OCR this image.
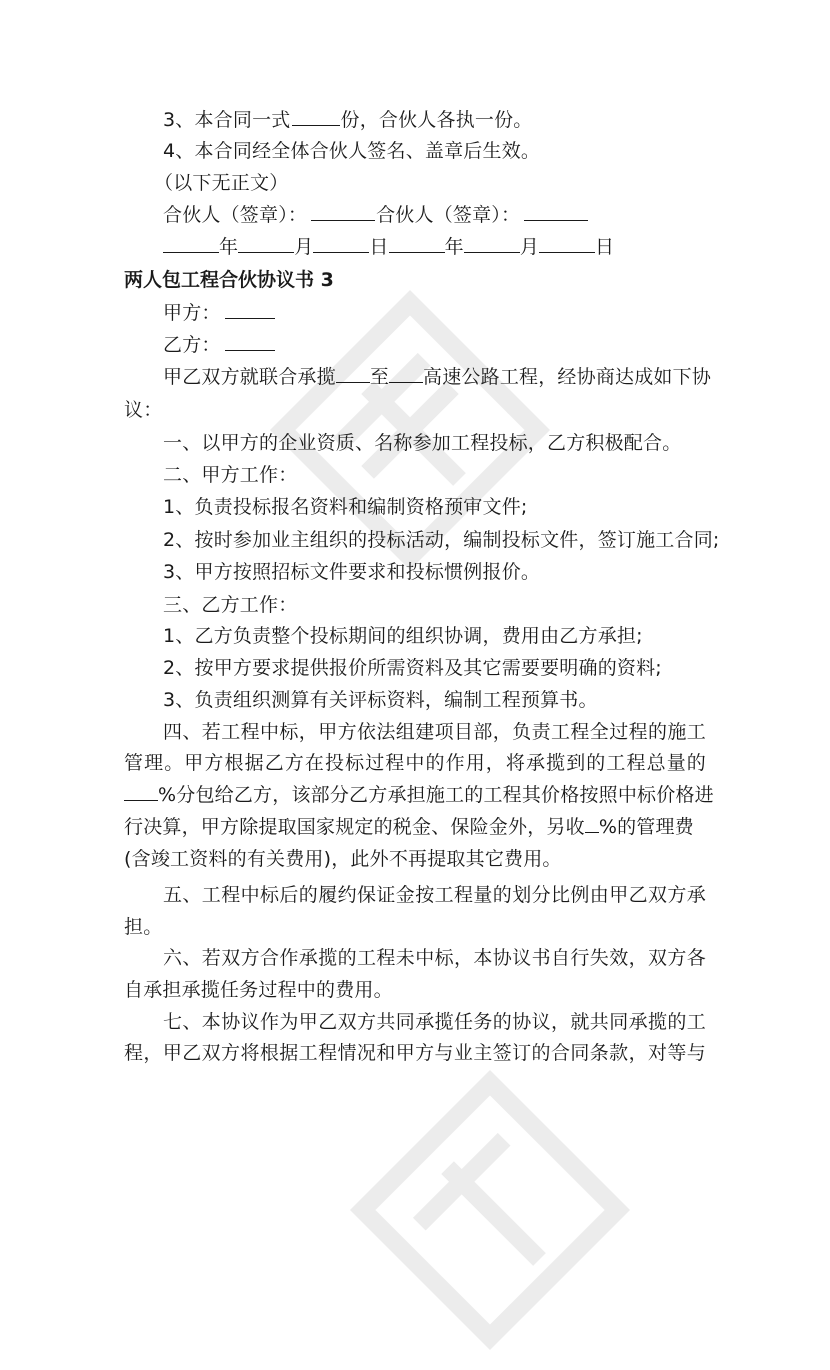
3、本合同一式	份，合伙人各执一份。
4、本合同经全体合伙人签名、盖章后生效。
（以下无正文）
合伙人（签章）：	合伙人（签章）：
年	月	日	年	月	日
两人包工程合伙协议书 3
甲方：
乙方：
甲乙双方就联合承揽 至 高速公路工程，经协商达成如下协
议：
一、以甲方的企业资质、名称参加工程投标，乙方积极配合。
二、甲方工作：
1、负责投标报名资料和编制资格预审文件;
2、按时参加业主组织的投标活动，编制投标文件，签订施工合同;
3、甲方按照招标文件要求和投标惯例报价。
三、乙方工作：
1、乙方负责整个投标期间的组织协调，费用由乙方承担;
2、按甲方要求提供报价所需资料及其它需要要明确的资料;
3、负责组织测算有关评标资料，编制工程预算书。
四、若工程中标，甲方依法组建项目部，负责工程全过程的施工
管理。甲方根据乙方在投标过程中的作用，将承揽到的工程总量的
%分包给乙方，该部分乙方承担施工的工程其价格按照中标价格进
行决算，甲方除提取国家规定的税金、保险金外，另收 %的管理费
(含竣工资料的有关费用)，此外不再提取其它费用。
五、工程中标后的履约保证金按工程量的划分比例由甲乙双方承
担。
六、若双方合作承揽的工程未中标，本协议书自行失效，双方各
自承担承揽任务过程中的费用。
七、本协议作为甲乙双方共同承揽任务的协议，就共同承揽的工
程，甲乙双方将根据工程情况和甲方与业主签订的合同条款，对等与
